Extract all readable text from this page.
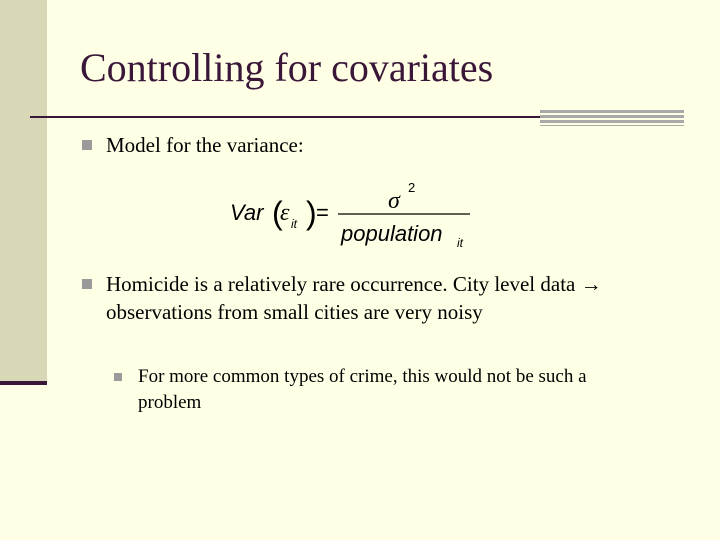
Controlling for covariates
Model for the variance:
Var (
ε it ) = σ
2
population it
Homicide is a relatively rare occurrence. City level data →
observations from small cities are very noisy
For more common types of crime, this would not be such a
problem
